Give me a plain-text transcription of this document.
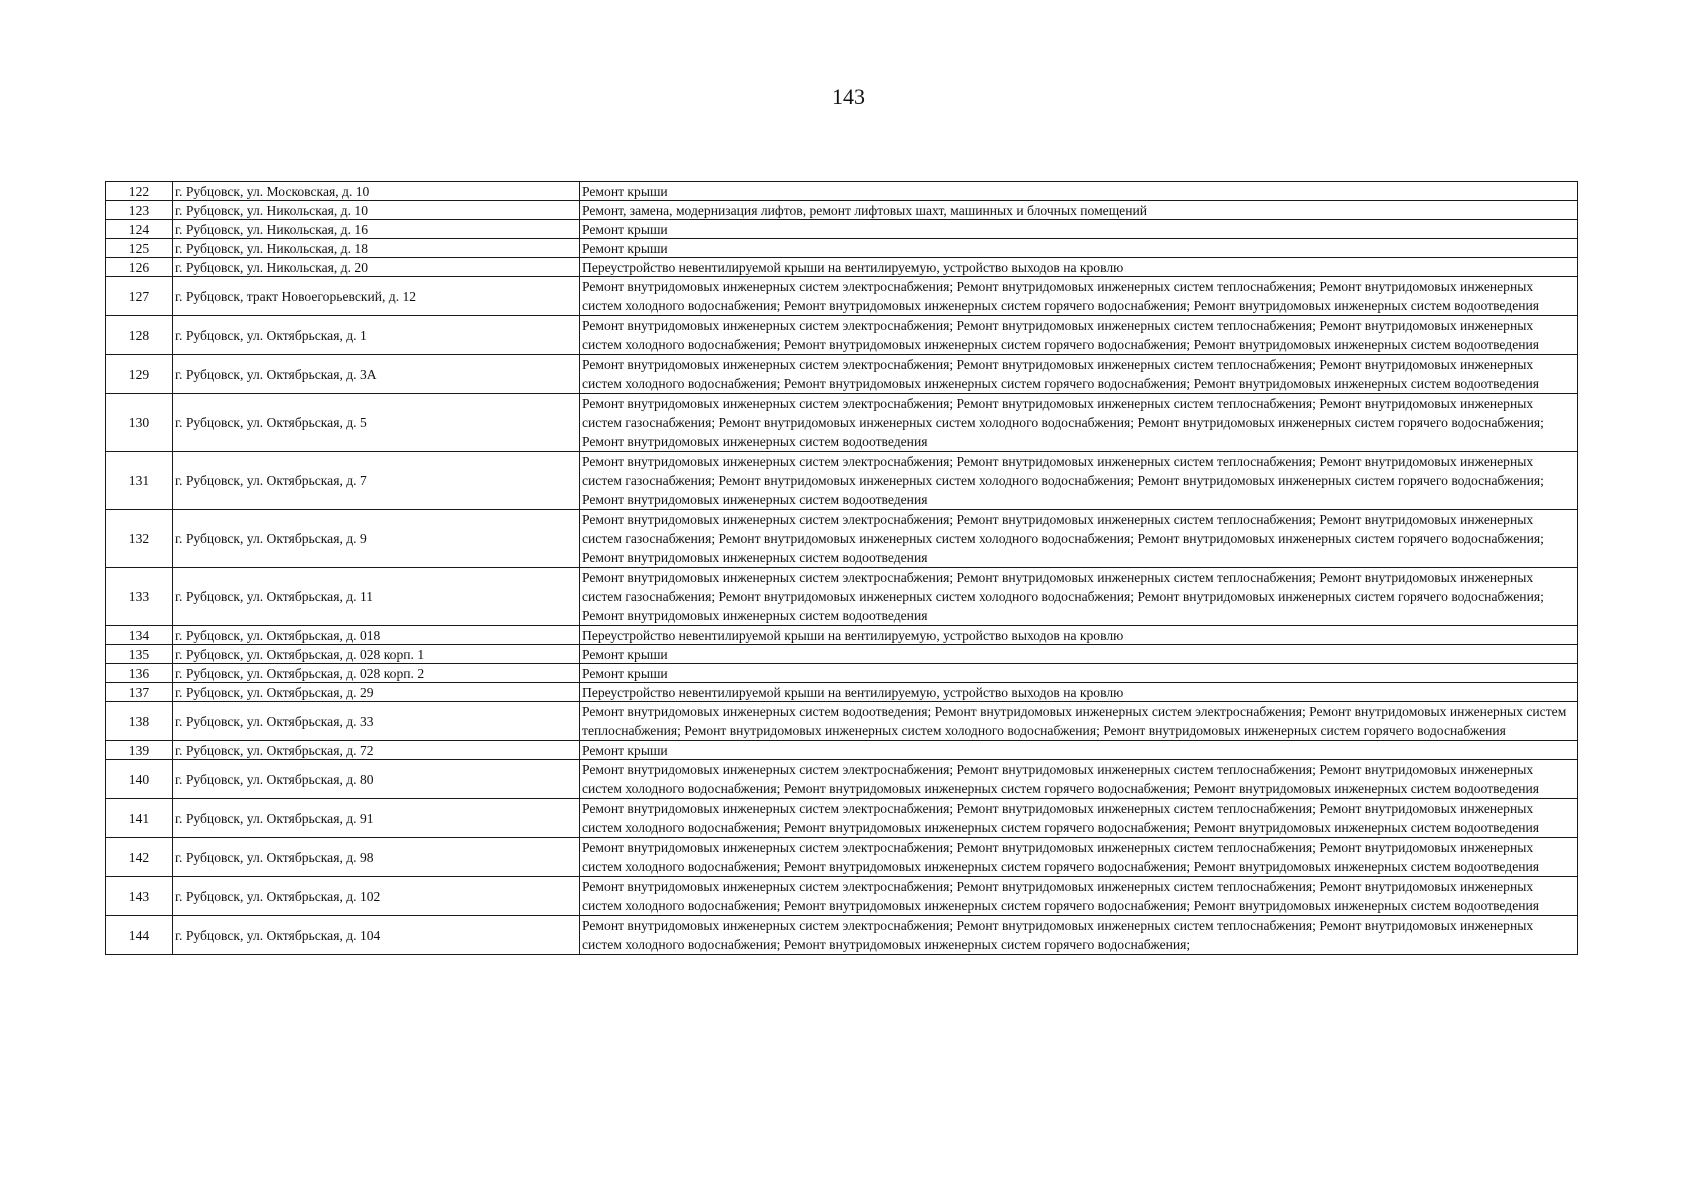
143
122	г. Рубцовск, ул. Московская, д. 10	Ремонт крыши
123	г. Рубцовск, ул. Никольская, д. 10	Ремонт, замена, модернизация лифтов, ремонт лифтовых шахт, машинных и блочных помещений
124	г. Рубцовск, ул. Никольская, д. 16	Ремонт крыши
125	г. Рубцовск, ул. Никольская, д. 18	Ремонт крыши
126	г. Рубцовск, ул. Никольская, д. 20	Переустройство невентилируемой крыши на вентилируемую, устройство выходов на кровлю
127	г. Рубцовск, тракт Новоегорьевский, д. 12	Ремонт внутридомовых инженерных систем электроснабжения; Ремонт внутридомовых инженерных систем теплоснабжения; Ремонт внутридомовых инженерных систем холодного водоснабжения; Ремонт внутридомовых инженерных систем горячего водоснабжения; Ремонт внутридомовых инженерных систем водоотведения
128	г. Рубцовск, ул. Октябрьская, д. 1	Ремонт внутридомовых инженерных систем электроснабжения; Ремонт внутридомовых инженерных систем теплоснабжения; Ремонт внутридомовых инженерных систем холодного водоснабжения; Ремонт внутридомовых инженерных систем горячего водоснабжения; Ремонт внутридомовых инженерных систем водоотведения
129	г. Рубцовск, ул. Октябрьская, д. 3А	Ремонт внутридомовых инженерных систем электроснабжения; Ремонт внутридомовых инженерных систем теплоснабжения; Ремонт внутридомовых инженерных систем холодного водоснабжения; Ремонт внутридомовых инженерных систем горячего водоснабжения; Ремонт внутридомовых инженерных систем водоотведения
130	г. Рубцовск, ул. Октябрьская, д. 5	Ремонт внутридомовых инженерных систем электроснабжения; Ремонт внутридомовых инженерных систем теплоснабжения; Ремонт внутридомовых инженерных систем газоснабжения; Ремонт внутридомовых инженерных систем холодного водоснабжения; Ремонт внутридомовых инженерных систем горячего водоснабжения; Ремонт внутридомовых инженерных систем водоотведения
131	г. Рубцовск, ул. Октябрьская, д. 7	Ремонт внутридомовых инженерных систем электроснабжения; Ремонт внутридомовых инженерных систем теплоснабжения; Ремонт внутридомовых инженерных систем газоснабжения; Ремонт внутридомовых инженерных систем холодного водоснабжения; Ремонт внутридомовых инженерных систем горячего водоснабжения; Ремонт внутридомовых инженерных систем водоотведения
132	г. Рубцовск, ул. Октябрьская, д. 9	Ремонт внутридомовых инженерных систем электроснабжения; Ремонт внутридомовых инженерных систем теплоснабжения; Ремонт внутридомовых инженерных систем газоснабжения; Ремонт внутридомовых инженерных систем холодного водоснабжения; Ремонт внутридомовых инженерных систем горячего водоснабжения; Ремонт внутридомовых инженерных систем водоотведения
133	г. Рубцовск, ул. Октябрьская, д. 11	Ремонт внутридомовых инженерных систем электроснабжения; Ремонт внутридомовых инженерных систем теплоснабжения; Ремонт внутридомовых инженерных систем газоснабжения; Ремонт внутридомовых инженерных систем холодного водоснабжения; Ремонт внутридомовых инженерных систем горячего водоснабжения; Ремонт внутридомовых инженерных систем водоотведения
134	г. Рубцовск, ул. Октябрьская, д. 018	Переустройство невентилируемой крыши на вентилируемую, устройство выходов на кровлю
135	г. Рубцовск, ул. Октябрьская, д. 028 корп. 1	Ремонт крыши
136	г. Рубцовск, ул. Октябрьская, д. 028 корп. 2	Ремонт крыши
137	г. Рубцовск, ул. Октябрьская, д. 29	Переустройство невентилируемой крыши на вентилируемую, устройство выходов на кровлю
138	г. Рубцовск, ул. Октябрьская, д. 33	Ремонт внутридомовых инженерных систем водоотведения; Ремонт внутридомовых инженерных систем электроснабжения; Ремонт внутридомовых инженерных систем теплоснабжения; Ремонт внутридомовых инженерных систем холодного водоснабжения; Ремонт внутридомовых инженерных систем горячего водоснабжения
139	г. Рубцовск, ул. Октябрьская, д. 72	Ремонт крыши
140	г. Рубцовск, ул. Октябрьская, д. 80	Ремонт внутридомовых инженерных систем электроснабжения; Ремонт внутридомовых инженерных систем теплоснабжения; Ремонт внутридомовых инженерных систем холодного водоснабжения; Ремонт внутридомовых инженерных систем горячего водоснабжения; Ремонт внутридомовых инженерных систем водоотведения
141	г. Рубцовск, ул. Октябрьская, д. 91	Ремонт внутридомовых инженерных систем электроснабжения; Ремонт внутридомовых инженерных систем теплоснабжения; Ремонт внутридомовых инженерных систем холодного водоснабжения; Ремонт внутридомовых инженерных систем горячего водоснабжения; Ремонт внутридомовых инженерных систем водоотведения
142	г. Рубцовск, ул. Октябрьская, д. 98	Ремонт внутридомовых инженерных систем электроснабжения; Ремонт внутридомовых инженерных систем теплоснабжения; Ремонт внутридомовых инженерных систем холодного водоснабжения; Ремонт внутридомовых инженерных систем горячего водоснабжения; Ремонт внутридомовых инженерных систем водоотведения
143	г. Рубцовск, ул. Октябрьская, д. 102	Ремонт внутридомовых инженерных систем электроснабжения; Ремонт внутридомовых инженерных систем теплоснабжения; Ремонт внутридомовых инженерных систем холодного водоснабжения; Ремонт внутридомовых инженерных систем горячего водоснабжения; Ремонт внутридомовых инженерных систем водоотведения
144	г. Рубцовск, ул. Октябрьская, д. 104	Ремонт внутридомовых инженерных систем электроснабжения; Ремонт внутридомовых инженерных систем теплоснабжения; Ремонт внутридомовых инженерных систем холодного водоснабжения; Ремонт внутридомовых инженерных систем горячего водоснабжения;
